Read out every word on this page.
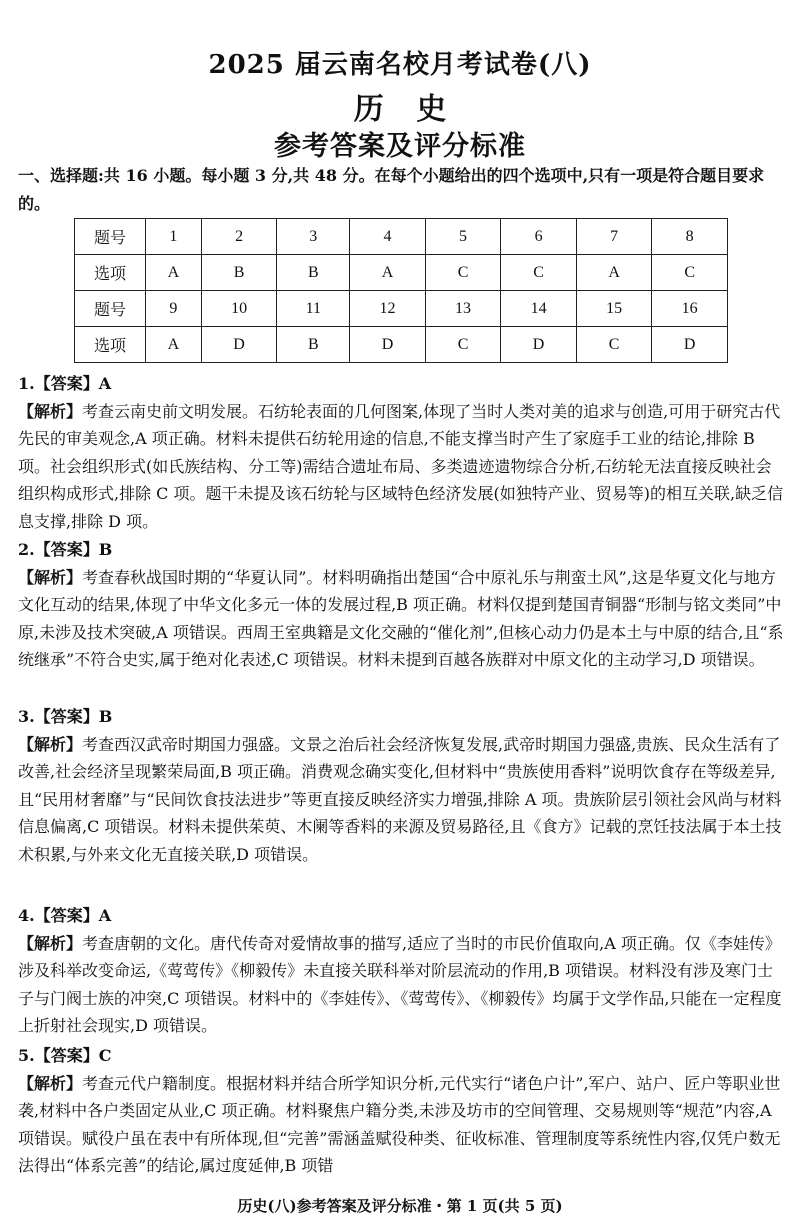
2025 届云南名校月考试卷(八)
历 史
参考答案及评分标准
一、选择题:共 16 小题。每小题 3 分,共 48 分。在每个小题给出的四个选项中,只有一项是符合题目要求的。
题号	1	2	3	4	5	6	7	8
选项	A	B	B	A	C	C	A	C
题号	9	10	11	12	13	14	15	16
选项	A	D	B	D	C	D	C	D
1.【答案】A
【解析】考查云南史前文明发展。石纺轮表面的几何图案,体现了当时人类对美的追求与创造,可用于研究古代先民的审美观念,A 项正确。材料未提供石纺轮用途的信息,不能支撑当时产生了家庭手工业的结论,排除 B 项。社会组织形式(如氏族结构、分工等)需结合遗址布局、多类遗迹遗物综合分析,石纺轮无法直接反映社会组织构成形式,排除 C 项。题干未提及该石纺轮与区域特色经济发展(如独特产业、贸易等)的相互关联,缺乏信息支撑,排除 D 项。
2.【答案】B
【解析】考查春秋战国时期的“华夏认同”。材料明确指出楚国“合中原礼乐与荆蛮土风”,这是华夏文化与地方文化互动的结果,体现了中华文化多元一体的发展过程,B 项正确。材料仅提到楚国青铜器“形制与铭文类同”中原,未涉及技术突破,A 项错误。西周王室典籍是文化交融的“催化剂”,但核心动力仍是本土与中原的结合,且“系统继承”不符合史实,属于绝对化表述,C 项错误。材料未提到百越各族群对中原文化的主动学习,D 项错误。
3.【答案】B
【解析】考查西汉武帝时期国力强盛。文景之治后社会经济恢复发展,武帝时期国力强盛,贵族、民众生活有了改善,社会经济呈现繁荣局面,B 项正确。消费观念确实变化,但材料中“贵族使用香料”说明饮食存在等级差异,且“民用材奢靡”与“民间饮食技法进步”等更直接反映经济实力增强,排除 A 项。贵族阶层引领社会风尚与材料信息偏离,C 项错误。材料未提供茱萸、木阑等香料的来源及贸易路径,且《食方》记载的烹饪技法属于本土技术积累,与外来文化无直接关联,D 项错误。
4.【答案】A
【解析】考查唐朝的文化。唐代传奇对爱情故事的描写,适应了当时的市民价值取向,A 项正确。仅《李娃传》涉及科举改变命运,《莺莺传》《柳毅传》未直接关联科举对阶层流动的作用,B 项错误。材料没有涉及寒门士子与门阀士族的冲突,C 项错误。材料中的《李娃传》、《莺莺传》、《柳毅传》均属于文学作品,只能在一定程度上折射社会现实,D 项错误。
5.【答案】C
【解析】考查元代户籍制度。根据材料并结合所学知识分析,元代实行“诸色户计”,军户、站户、匠户等职业世袭,材料中各户类固定从业,C 项正确。材料聚焦户籍分类,未涉及坊市的空间管理、交易规则等“规范”内容,A 项错误。赋役户虽在表中有所体现,但“完善”需涵盖赋役种类、征收标准、管理制度等系统性内容,仅凭户数无法得出“体系完善”的结论,属过度延伸,B 项错
历史(八)参考答案及评分标准・第 1 页(共 5 页)
